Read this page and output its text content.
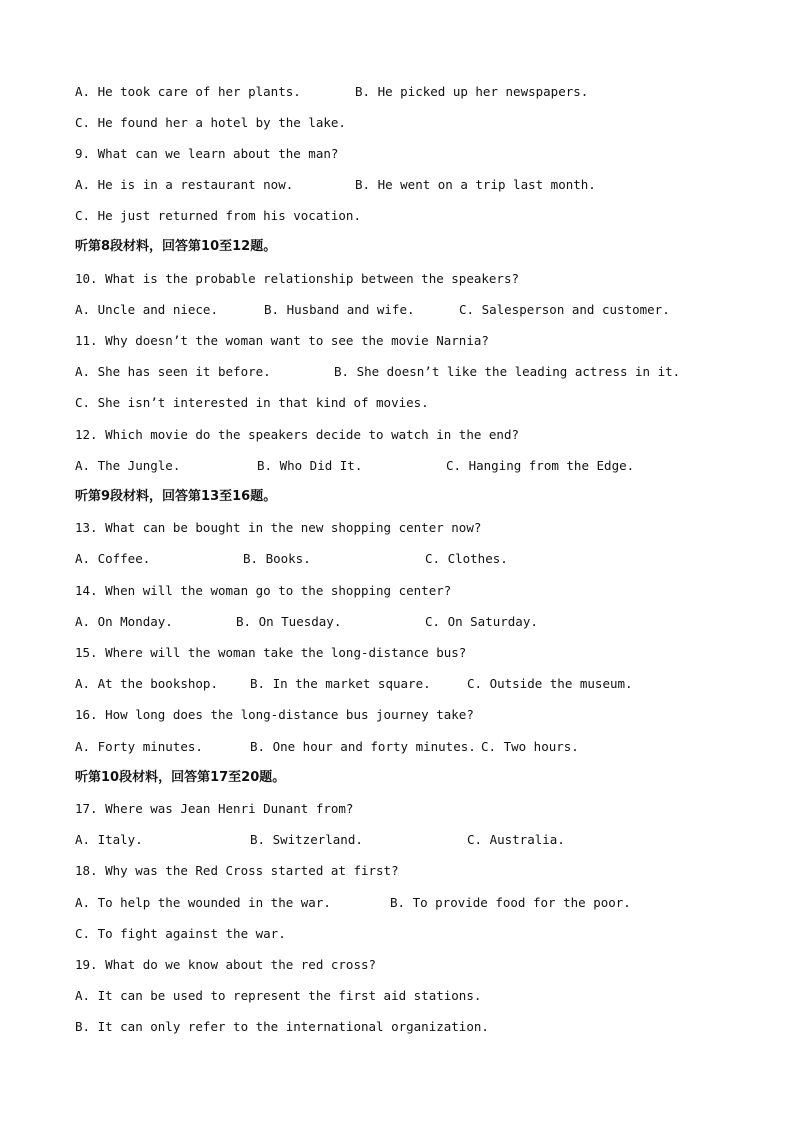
A. He took care of her plants.

	B. He picked up her newspapers.

C. He found her a hotel by the lake.
9. What can we learn about the man?

A. He is in a restaurant now.

	B. He went on a trip last month.

C. He just returned from his vocation.
听第8段材料，回答第10至12题。
10. What is the probable relationship between the speakers?

A. Uncle and niece.

	B. Husband and wife.

	C. Salesperson and customer.

11. Why doesn’t the woman want to see the movie Narnia?

A. She has seen it before.

	B. She doesn’t like the leading actress in it.

C. She isn’t interested in that kind of movies.
12. Which movie do the speakers decide to watch in the end?

A. The Jungle.

	B. Who Did It.

	C. Hanging from the Edge.

听第9段材料，回答第13至16题。
13. What can be bought in the new shopping center now?

A. Coffee.

	B. Books.

	C. Clothes.

14. When will the woman go to the shopping center?

A. On Monday.

	B. On Tuesday.

	C. On Saturday.

15. Where will the woman take the long-distance bus?

A. At the bookshop.

	B. In the market square.

	C. Outside the museum.

16. How long does the long-distance bus journey take?

A. Forty minutes.

	B. One hour and forty minutes.

C. Two hours.

听第10段材料，回答第17至20题。
17. Where was Jean Henri Dunant from?

A. Italy.

	B. Switzerland.

	C. Australia.

18. Why was the Red Cross started at first?

A. To help the wounded in the war.

	B. To provide food for the poor.

C. To fight against the war.
19. What do we know about the red cross?
A. It can be used to represent the first aid stations.
B. It can only refer to the international organization.
